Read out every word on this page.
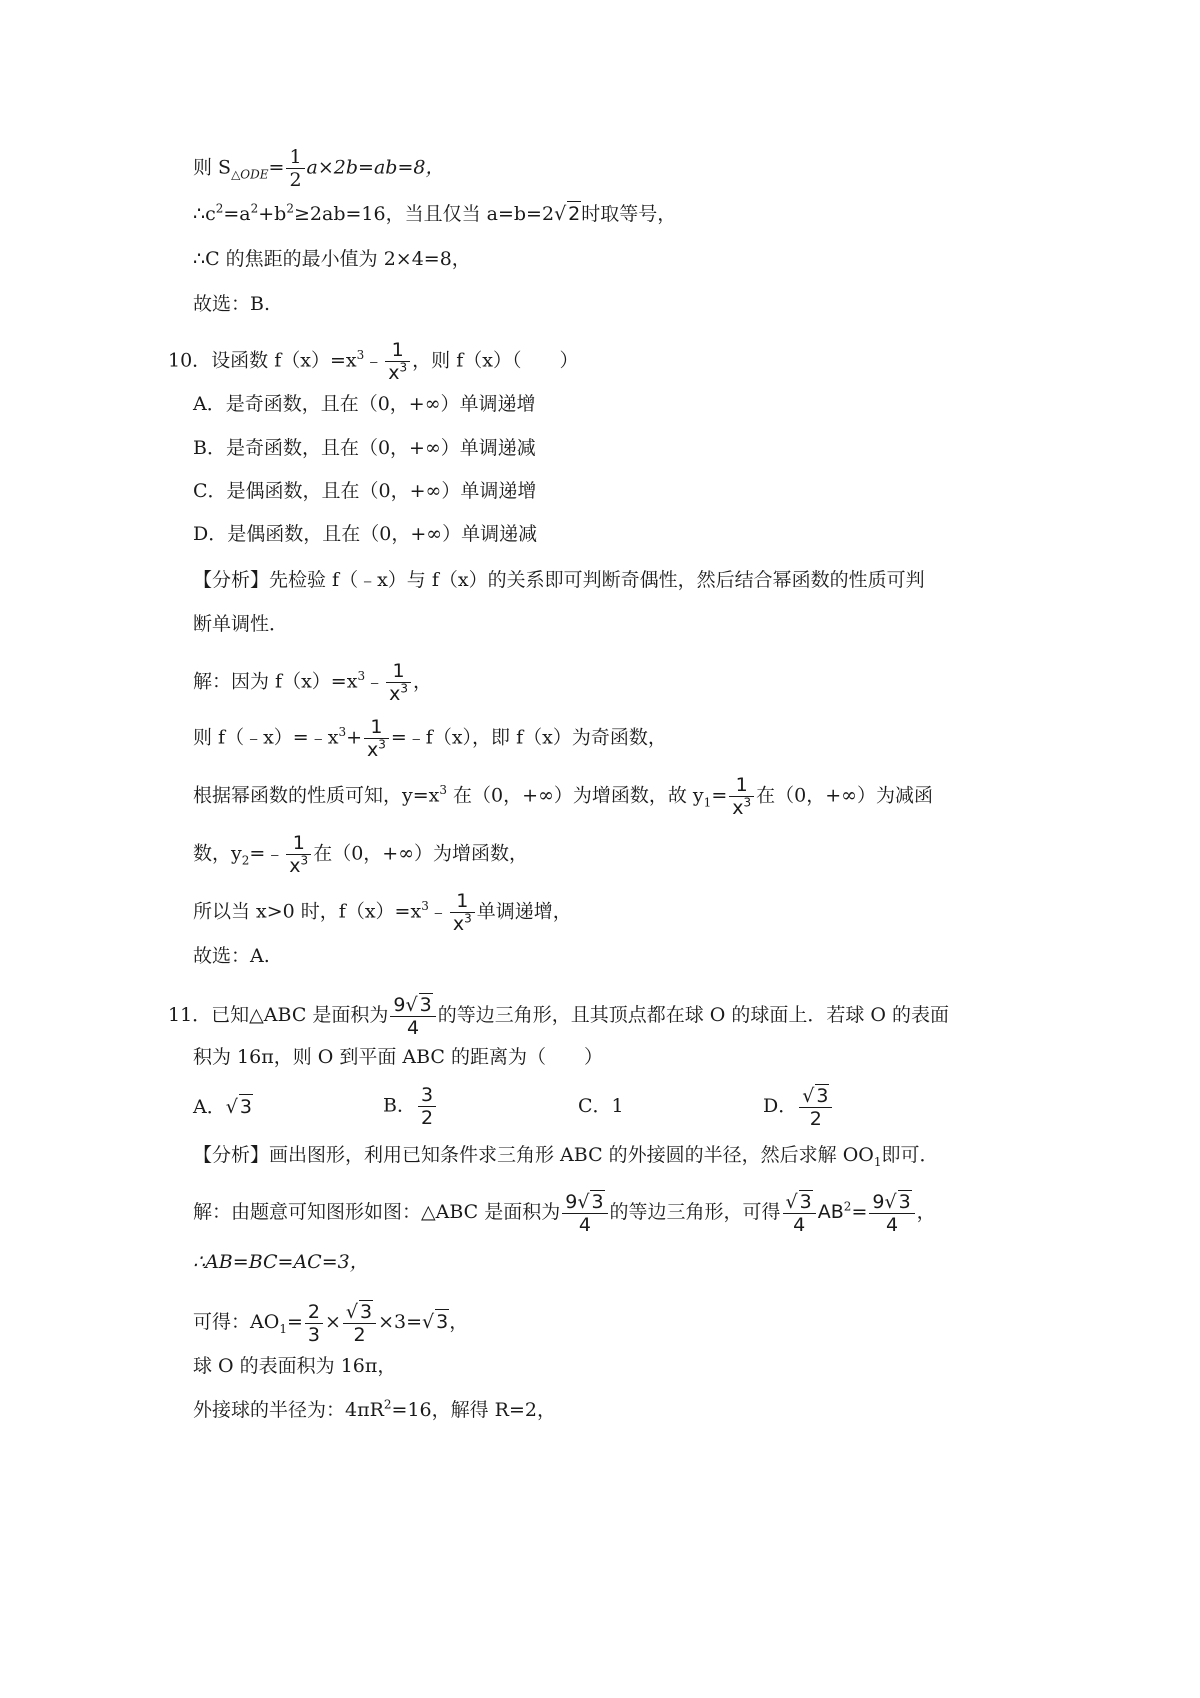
则 $S_{\triangle ODE}= \frac{1}{2} a\times 2b=ab=8$，
$\therefore c^2=a^2+b^2\ge 2ab=16$，当且仅当 a=b=2√ 2时取等号，
∴C 的焦距的最小值为 2×4=8，
故选：B.
10．设函数 $f(x)=x^3﹣ \frac{1}{x^3}$ ，则 f（x）（　　）
A．是奇函数，且在（0，+∞）单调递增
B．是奇函数，且在（0，+∞）单调递减
C．是偶函数，且在（0，+∞）单调递增
D．是偶函数，且在（0，+∞）单调递减
【分析】先检验 f（﹣x）与 f（x）的关系即可判断奇偶性，然后结合幂函数的性质可判
断单调性．
解：因为 $f(x)=x^3﹣ \frac{1}{x^3}$ ，
则 $f(﹣x)=﹣x^3+ \frac{1}{x^3}$ =﹣f（x），即 f（x）为奇函数，
根据幂函数的性质可知，$y=x^3$ 在（0，+∞）为增函数，故 $y_1= \frac{1}{x^3}$ 在（0，+∞）为减函
数，$y_2=﹣ \frac{1}{x^3}$ 在（0，+∞）为增函数，
所以当 x>0 时，$f(x)=x^3﹣ \frac{1}{x^3}$ 单调递增，
故选：A.
11．已知△ABC 是面积为 $\frac{9√ 3}{4}$ 的等边三角形，且其顶点都在球 O 的球面上．若球 O 的表面
积为 16π，则 O 到平面 ABC 的距离为（　　）
A．√ 3	B． $\frac{3}{2}$	C．1	D． $\frac{√ 3}{2}$
【分析】画出图形，利用已知条件求三角形 ABC 的外接圆的半径，然后求解 $OO_1$即可．
解：由题意可知图形如图：△ABC 是面积为 $\frac{9√ 3}{4}$ 的等边三角形，可得 $\frac{√ 3}{4} AB^2= \frac{9√ 3}{4}$ ，
∴AB=BC=AC=3，
可得：$AO_1= \frac{2}{3} \times \frac{√ 3}{2} \times 3=√$ 3，
球 O 的表面积为 16π，
外接球的半径为：$4\pi R^2=16$，解得 R=2，
